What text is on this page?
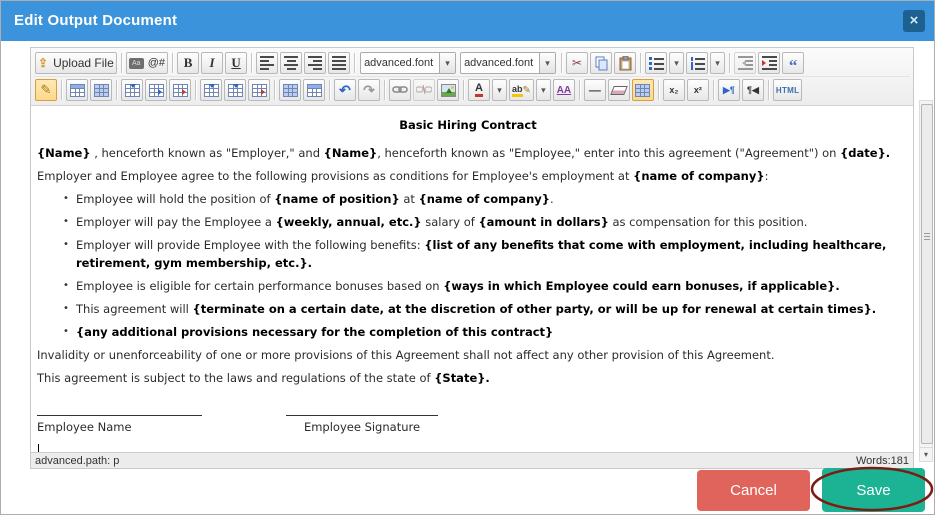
Edit Output Document	×
⇪ Upload File	Aa @# B I U	advanced.font	▾	advanced.font	▾	✂	▾	▾	“
✎	↶ ↷	A	▾	ab ✎	▾	AA —	x₂ x² ▶¶ ¶◀ HTML
Basic Hiring Contract
{Name} , henceforth known as "Employer," and {Name}, henceforth known as "Employee," enter into this agreement ("Agreement") on {date}.
Employer and Employee agree to the following provisions as conditions for Employee's employment at {name of company}:
• Employee will hold the position of {name of position} at {name of company}.
• Employer will pay the Employee a {weekly, annual, etc.} salary of {amount in dollars} as compensation for this position.
• Employer will provide Employee with the following benefits: {list of any benefits that come with employment, including healthcare, retirement, gym membership, etc.}.
• Employee is eligible for certain performance bonuses based on {ways in which Employee could earn bonuses, if applicable}.
• This agreement will {terminate on a certain date, at the discretion of other party, or will be up for renewal at certain times}.
• {any additional provisions necessary for the completion of this contract}
Invalidity or unenforceability of one or more provisions of this Agreement shall not affect any other provision of this Agreement.
This agreement is subject to the laws and regulations of the state of {State}.
Employee Name	Employee Signature
advanced.path: p	Words:181
▾
Cancel	Save
